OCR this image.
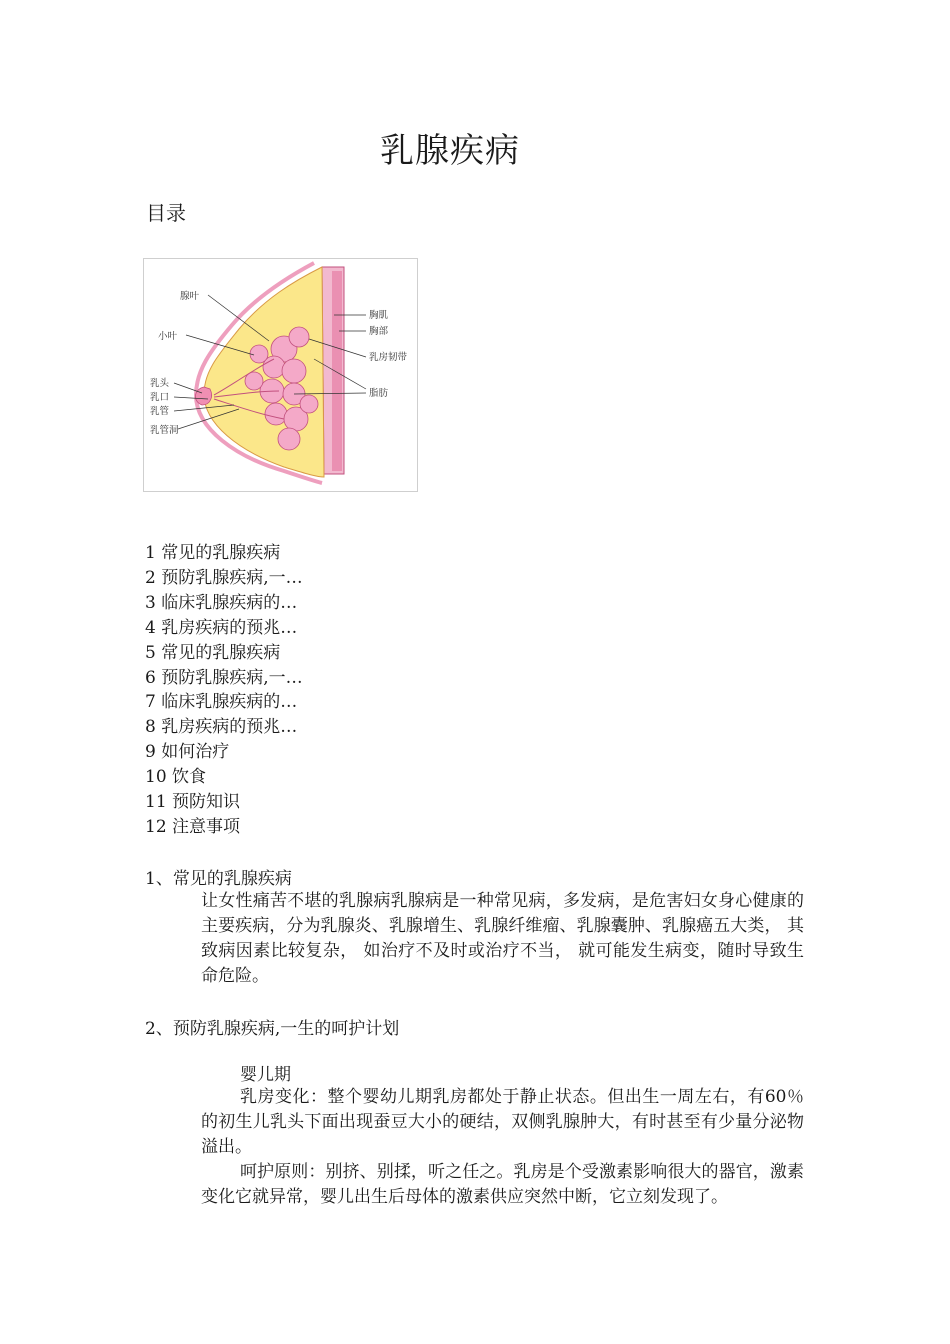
乳腺疾病
目录
腺叶
小叶
乳头
乳口
乳管
乳管洞
胸肌
胸部
乳房韧带
脂肪
1 常见的乳腺疾病
2 预防乳腺疾病,一…
3 临床乳腺疾病的…
4 乳房疾病的预兆…
5 常见的乳腺疾病
6 预防乳腺疾病,一…
7 临床乳腺疾病的…
8 乳房疾病的预兆…
9 如何治疗
10 饮食
11 预防知识
12 注意事项
1、常见的乳腺疾病
让女性痛苦不堪的乳腺病乳腺病是一种常见病，多发病，是危害妇女身心健康的主要疾病，分为乳腺炎、乳腺增生、乳腺纤维瘤、乳腺囊肿、乳腺癌五大类， 其致病因素比较复杂， 如治疗不及时或治疗不当， 就可能发生病变，随时导致生命危险。
2、预防乳腺疾病,一生的呵护计划
婴儿期
乳房变化：整个婴幼儿期乳房都处于静止状态。但出生一周左右，有60％的初生儿乳头下面出现蚕豆大小的硬结，双侧乳腺肿大，有时甚至有少量分泌物溢出。
呵护原则：别挤、别揉，听之任之。乳房是个受激素影响很大的器官，激素变化它就异常，婴儿出生后母体的激素供应突然中断，它立刻发现了。
